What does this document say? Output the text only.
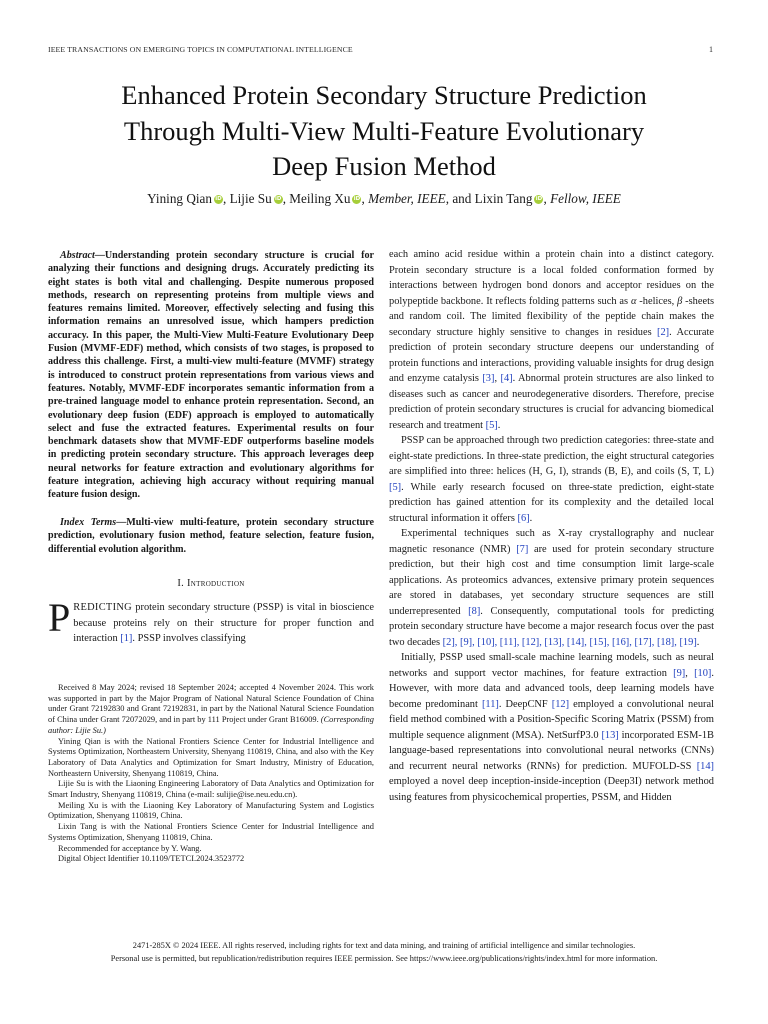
IEEE TRANSACTIONS ON EMERGING TOPICS IN COMPUTATIONAL INTELLIGENCE	1
Enhanced Protein Secondary Structure Prediction
Through Multi-View Multi-Feature Evolutionary
Deep Fusion Method
Yining Qian iD, Lijie Su iD, Meiling Xu iD, Member, IEEE, and Lixin Tang iD, Fellow, IEEE

Abstract—Understanding protein secondary structure is crucial for analyzing their functions and designing drugs. Accurately predicting its eight states is both vital and challenging. Despite numerous proposed methods, research on representing proteins from multiple views and features remains limited. Moreover, effectively selecting and fusing this information remains an unresolved issue, which hampers prediction accuracy. In this paper, the Multi-View Multi-Feature Evolutionary Deep Fusion (MVMF-EDF) method, which consists of two stages, is proposed to address this challenge. First, a multi-view multi-feature (MVMF) strategy is introduced to construct protein representations from various views and features. Notably, MVMF-EDF incorporates semantic information from a pre-trained language model to enhance protein representation. Second, an evolutionary deep fusion (EDF) approach is employed to automatically select and fuse the extracted features. Experimental results on four benchmark datasets show that MVMF-EDF outperforms baseline models in predicting protein secondary structure. This approach leverages deep neural networks for feature extraction and evolutionary algorithms for feature integration, achieving high accuracy without requiring manual feature fusion design.

Index Terms—Multi-view multi-feature, protein secondary structure prediction, evolutionary fusion method, feature selection, feature fusion, differential evolution algorithm.

I. Introduction

PREDICTING protein secondary structure (PSSP) is vital in bioscience because proteins rely on their structure for proper function and interaction [1]. PSSP involves classifying

Received 8 May 2024; revised 18 September 2024; accepted 4 November 2024. This work was supported in part by the Major Program of National Natural Science Foundation of China under Grant 72192830 and Grant 72192831, in part by the National Natural Science Foundation of China under Grant 72072029, and in part by 111 Project under Grant B16009. (Corresponding author: Lijie Su.)

Yining Qian is with the National Frontiers Science Center for Industrial Intelligence and Systems Optimization, Northeastern University, Shenyang 110819, China, and also with the Key Laboratory of Data Analytics and Optimization for Smart Industry, Ministry of Education, Northeastern University, Shenyang 110819, China.

Lijie Su is with the Liaoning Engineering Laboratory of Data Analytics and Optimization for Smart Industry, Shenyang 110819, China (e-mail: sulijie@ise.neu.edu.cn).

Meiling Xu is with the Liaoning Key Laboratory of Manufacturing System and Logistics Optimization, Shenyang 110819, China.

Lixin Tang is with the National Frontiers Science Center for Industrial Intelligence and Systems Optimization, Shenyang 110819, China.

Recommended for acceptance by Y. Wang.

Digital Object Identifier 10.1109/TETCI.2024.3523772

each amino acid residue within a protein chain into a distinct category. Protein secondary structure is a local folded conformation formed by interactions between hydrogen bond donors and acceptor residues on the polypeptide backbone. It reflects folding patterns such as α -helices, β -sheets and random coil. The limited flexibility of the peptide chain makes the secondary structure highly sensitive to changes in residues [2]. Accurate prediction of protein secondary structure deepens our understanding of protein functions and interactions, providing valuable insights for drug design and enzyme catalysis [3], [4]. Abnormal protein structures are also linked to diseases such as cancer and neurodegenerative disorders. Therefore, precise prediction of protein secondary structures is crucial for advancing biomedical research and treatment [5].

PSSP can be approached through two prediction categories: three-state and eight-state predictions. In three-state prediction, the eight structural categories are simplified into three: helices (H, G, I), strands (B, E), and coils (S, T, L) [5]. While early research focused on three-state prediction, eight-state prediction has gained attention for its complexity and the detailed local structural information it offers [6].

Experimental techniques such as X-ray crystallography and nuclear magnetic resonance (NMR) [7] are used for protein secondary structure prediction, but their high cost and time consumption limit large-scale applications. As proteomics advances, extensive primary protein sequences are stored in databases, yet secondary structure sequences are still underrepresented [8]. Consequently, computational tools for predicting protein secondary structure have become a major research focus over the past two decades [2], [9], [10], [11], [12], [13], [14], [15], [16], [17], [18], [19].

Initially, PSSP used small-scale machine learning models, such as neural networks and support vector machines, for feature extraction [9], [10]. However, with more data and advanced tools, deep learning models have become predominant [11]. DeepCNF [12] employed a convolutional neural field method combined with a Position-Specific Scoring Matrix (PSSM) from multiple sequence alignment (MSA). NetSurfP3.0 [13] incorporated ESM-1B language-based representations into convolutional neural networks (CNNs) and recurrent neural networks (RNNs) for prediction. MUFOLD-SS [14] employed a novel deep inception-inside-inception (Deep3I) network method using features from physicochemical properties, PSSM, and Hidden

2471-285X © 2024 IEEE. All rights reserved, including rights for text and data mining, and training of artificial intelligence and similar technologies.
Personal use is permitted, but republication/redistribution requires IEEE permission. See https://www.ieee.org/publications/rights/index.html for more information.
